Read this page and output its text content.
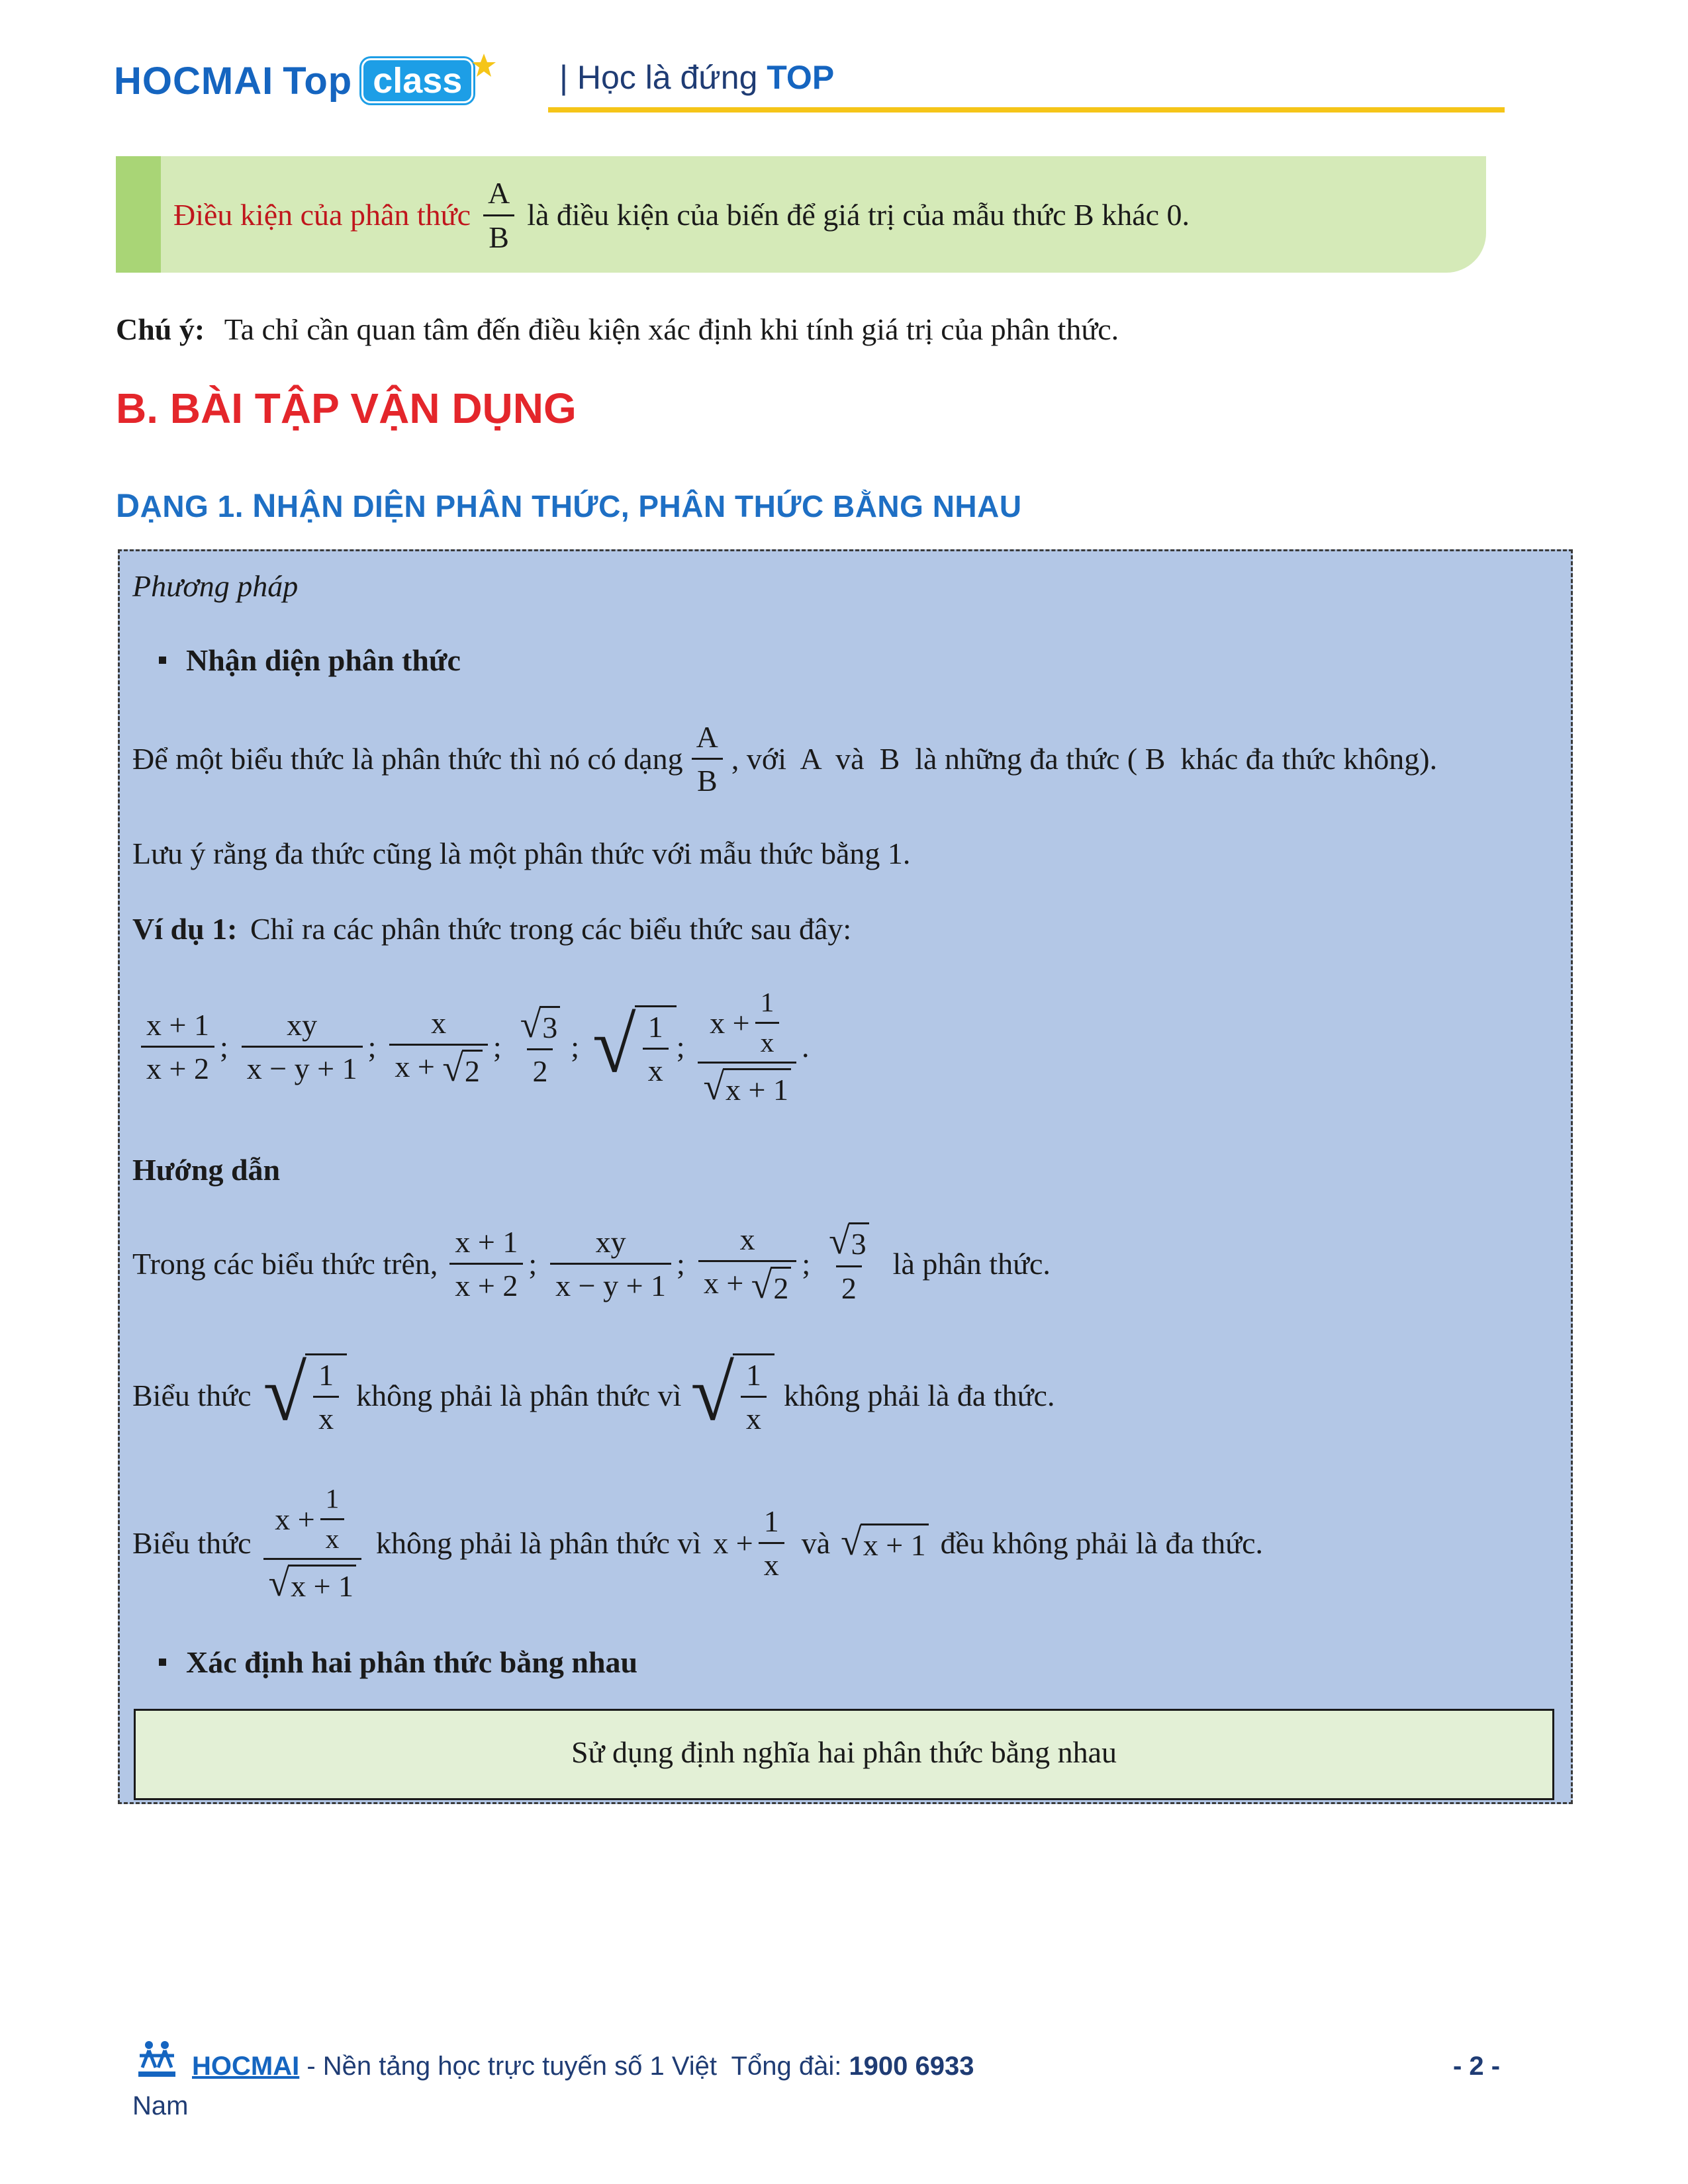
HOCMAI Top class	| Học là đứng TOP
Điều kiện của phân thức $\frac{A}{B}$ là điều kiện của biến để giá trị của mẫu thức B khác 0.
Chú ý: Ta chỉ cần quan tâm đến điều kiện xác định khi tính giá trị của phân thức.
B. BÀI TẬP VẬN DỤNG
DẠNG 1. NHẬN DIỆN PHÂN THỨC, PHÂN THỨC BẰNG NHAU
Phương pháp
Nhận diện phân thức
Để một biểu thức là phân thức thì nó có dạng $\frac{A}{B}$ , với  A  và  B  là những đa thức ( B  khác đa thức không).
Lưu ý rằng đa thức cũng là một phân thức với mẫu thức bằng 1.
Ví dụ 1: Chỉ ra các phân thức trong các biểu thức sau đây:
$\frac{x + 1}{x + 2}$ ; $\frac{xy}{x - y + 1}$ ; $\frac{x}{x + √ 2}$ ; $\frac{√ 3}{2}$ ; √ $\frac{1}{x}$ ; $\frac{x + \frac{1}{x}}{√ x + 1}$ .
Hướng dẫn
Trong các biểu thức trên, $\frac{x + 1}{x + 2}$ ; $\frac{xy}{x - y + 1}$ ; $\frac{x}{x + √ 2}$ ; $\frac{√ 3}{2}$ là phân thức.
Biểu thức √ $\frac{1}{x}$ không phải là phân thức vì √ $\frac{1}{x}$ không phải là đa thức.
Biểu thức $\frac{x + \frac{1}{x}}{√ x + 1}$ không phải là phân thức vì $x + \frac{1}{x}$ và √ x + 1 đều không phải là đa thức.
Xác định hai phân thức bằng nhau
Sử dụng định nghĩa hai phân thức bằng nhau
HOCMAI - Nền tảng học trực tuyến số 1 Việt  Tổng đài: 1900 6933
Nam
- 2 -
